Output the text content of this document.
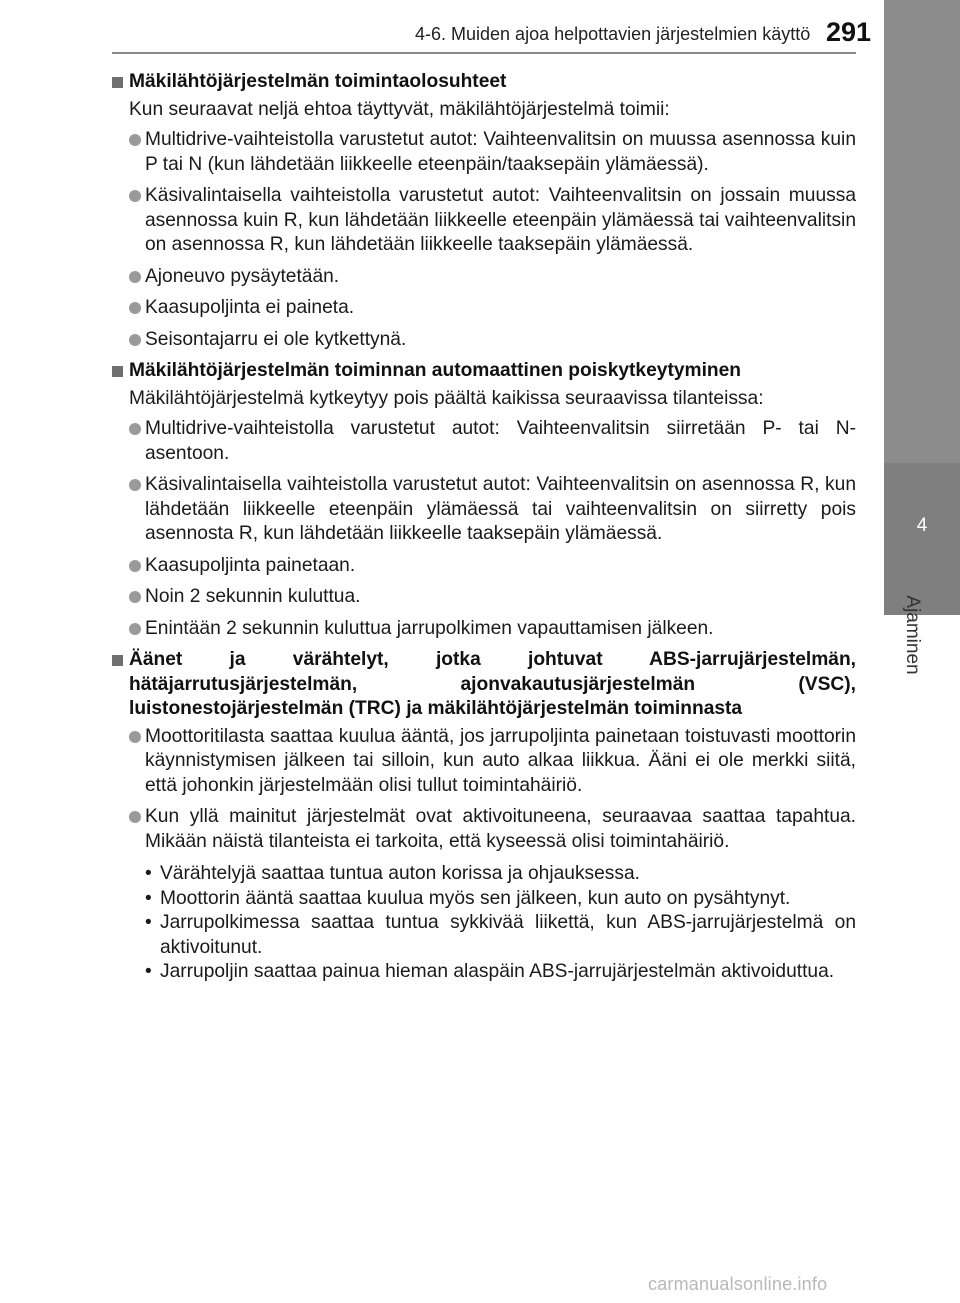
4-6. Muiden ajoa helpottavien järjestelmien käyttö 291
4
Ajaminen
Mäkilähtöjärjestelmän toimintaolosuhteet
Kun seuraavat neljä ehtoa täyttyvät, mäkilähtöjärjestelmä toimii:
Multidrive-vaihteistolla varustetut autot: Vaihteenvalitsin on muussa asennossa kuin P tai N (kun lähdetään liikkeelle eteenpäin/taaksepäin ylämäessä).
Käsivalintaisella vaihteistolla varustetut autot: Vaihteenvalitsin on jossain muussa asennossa kuin R, kun lähdetään liikkeelle eteenpäin ylämäessä tai vaihteenvalitsin on asennossa R, kun lähdetään liikkeelle taaksepäin ylämäessä.
Ajoneuvo pysäytetään.
Kaasupoljinta ei paineta.
Seisontajarru ei ole kytkettynä.
Mäkilähtöjärjestelmän toiminnan automaattinen poiskytkeytyminen
Mäkilähtöjärjestelmä kytkeytyy pois päältä kaikissa seuraavissa tilanteissa:
Multidrive-vaihteistolla varustetut autot: Vaihteenvalitsin siirretään P- tai N-asentoon.
Käsivalintaisella vaihteistolla varustetut autot: Vaihteenvalitsin on asennossa R, kun lähdetään liikkeelle eteenpäin ylämäessä tai vaihteenvalitsin on siirretty pois asennosta R, kun lähdetään liikkeelle taaksepäin ylämäessä.
Kaasupoljinta painetaan.
Noin 2 sekunnin kuluttua.
Enintään 2 sekunnin kuluttua jarrupolkimen vapauttamisen jälkeen.
Äänet ja värähtelyt, jotka johtuvat ABS-jarrujärjestelmän, hätäjarrutusjärjestelmän, ajonvakautusjärjestelmän (VSC), luistonestojärjestelmän (TRC) ja mäkilähtöjärjestelmän toiminnasta
Moottoritilasta saattaa kuulua ääntä, jos jarrupoljinta painetaan toistuvasti moottorin käynnistymisen jälkeen tai silloin, kun auto alkaa liikkua. Ääni ei ole merkki siitä, että johonkin järjestelmään olisi tullut toimintahäiriö.
Kun yllä mainitut järjestelmät ovat aktivoituneena, seuraavaa saattaa tapahtua. Mikään näistä tilanteista ei tarkoita, että kyseessä olisi toimintahäiriö.
• Värähtelyjä saattaa tuntua auton korissa ja ohjauksessa.
• Moottorin ääntä saattaa kuulua myös sen jälkeen, kun auto on pysähtynyt.
• Jarrupolkimessa saattaa tuntua sykkivää liikettä, kun ABS-jarrujärjestelmä on aktivoitunut.
• Jarrupoljin saattaa painua hieman alaspäin ABS-jarrujärjestelmän aktivoiduttua.
carmanualsonline.info
